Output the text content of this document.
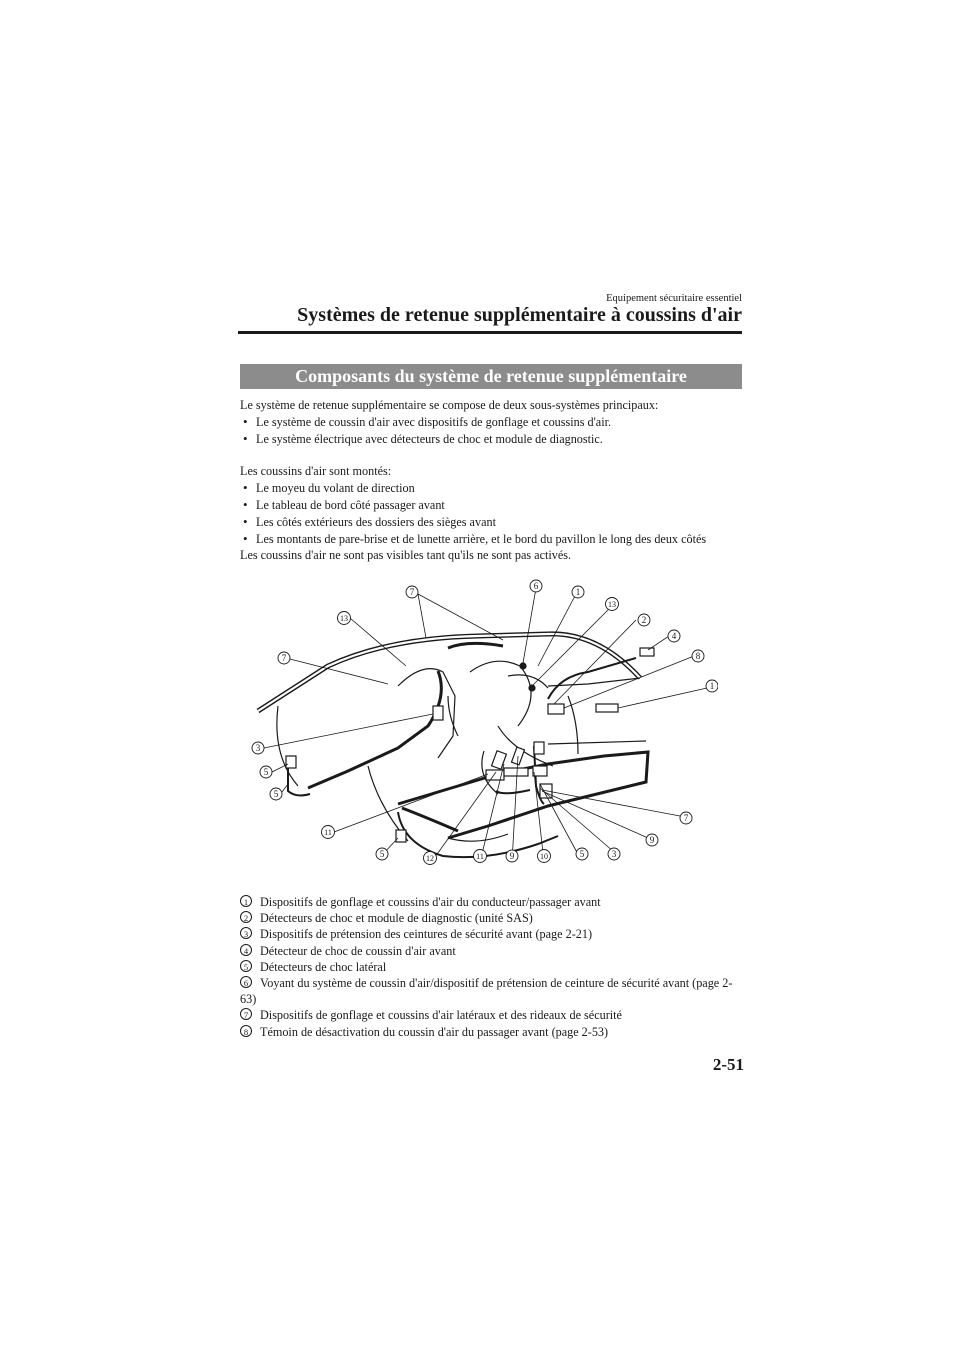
Equipement sécuritaire essentiel
Systèmes de retenue supplémentaire à coussins d'air
Composants du système de retenue supplémentaire

Le système de retenue supplémentaire se compose de deux sous-systèmes principaux:

• Le système de coussin d'air avec dispositifs de gonflage et coussins d'air.
• Le système électrique avec détecteurs de choc et module de diagnostic.

Les coussins d'air sont montés:

• Le moyeu du volant de direction
• Le tableau de bord côté passager avant
• Les côtés extérieurs des dossiers des sièges avant
• Les montants de pare-brise et de lunette arrière, et le bord du pavillon le long des deux côtés

Les coussins d'air ne sont pas visibles tant qu'ils ne sont pas activés.

7
6
1
13
13
2
4
7	8
1
3
5
5
7
9
11
5	12	11	9	10	5	3
1 Dispositifs de gonflage et coussins d'air du conducteur/passager avant
2 Détecteurs de choc et module de diagnostic (unité SAS)
3 Dispositifs de prétension des ceintures de sécurité avant (page 2-21)
4 Détecteur de choc de coussin d'air avant
5 Détecteurs de choc latéral
6 Voyant du système de coussin d'air/dispositif de prétension de ceinture de sécurité avant (page 2-63)
7 Dispositifs de gonflage et coussins d'air latéraux et des rideaux de sécurité
8 Témoin de désactivation du coussin d'air du passager avant (page 2-53)
2-51
